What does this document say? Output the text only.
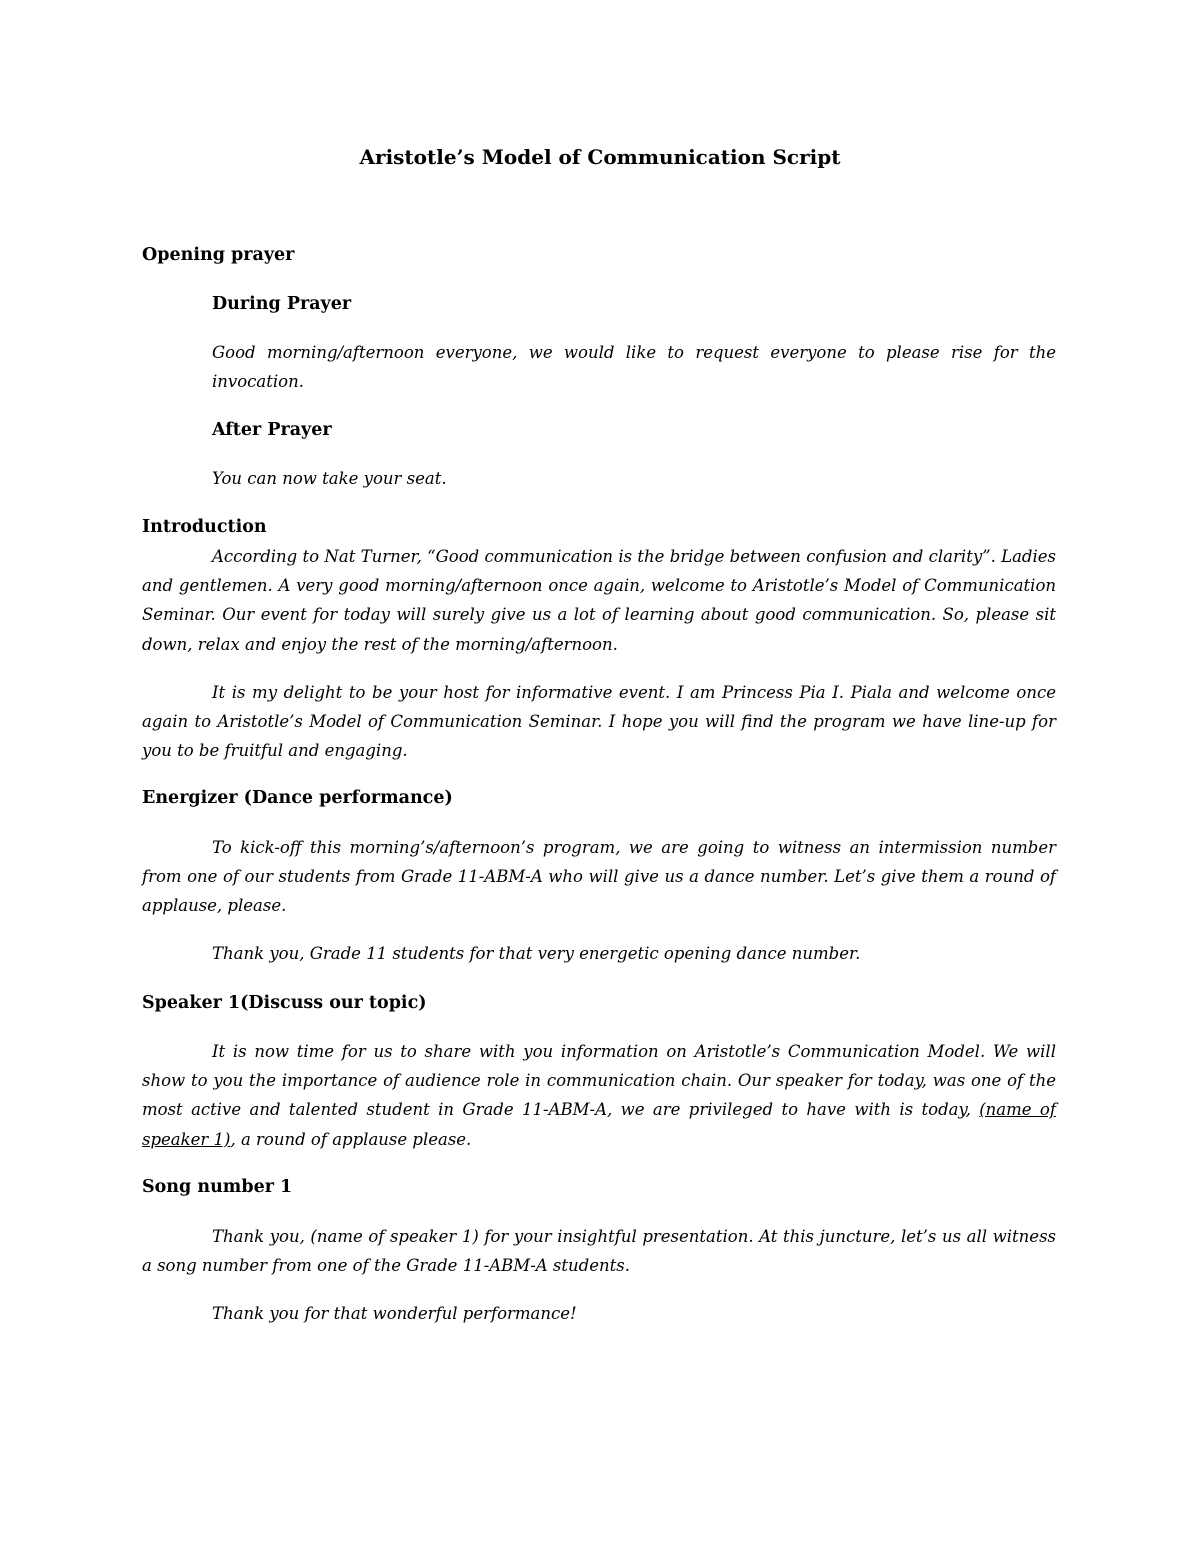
Aristotle’s Model of Communication Script
Opening prayer
During Prayer
Good morning/afternoon everyone, we would like to request everyone to please rise for the invocation.
After Prayer
You can now take your seat.
Introduction
According to Nat Turner, “Good communication is the bridge between confusion and clarity”. Ladies and gentlemen. A very good morning/afternoon once again, welcome to Aristotle’s Model of Communication Seminar. Our event for today will surely give us a lot of learning about good communication. So, please sit down, relax and enjoy the rest of the morning/afternoon.
It is my delight to be your host for informative event. I am Princess Pia I. Piala and welcome once again to Aristotle’s Model of Communication Seminar. I hope you will find the program we have line-up for you to be fruitful and engaging.
Energizer (Dance performance)
To kick-off this morning’s/afternoon’s program, we are going to witness an intermission number from one of our students from Grade 11-ABM-A who will give us a dance number. Let’s give them a round of applause, please.
Thank you, Grade 11 students for that very energetic opening dance number.
Speaker 1(Discuss our topic)
It is now time for us to share with you information on Aristotle’s Communication Model. We will show to you the importance of audience role in communication chain. Our speaker for today, was one of the most active and talented student in Grade 11-ABM-A, we are privileged to have with is today, (name of speaker 1), a round of applause please.
Song number 1
Thank you, (name of speaker 1) for your insightful presentation. At this juncture, let’s us all witness a song number from one of the Grade 11-ABM-A students.
Thank you for that wonderful performance!
